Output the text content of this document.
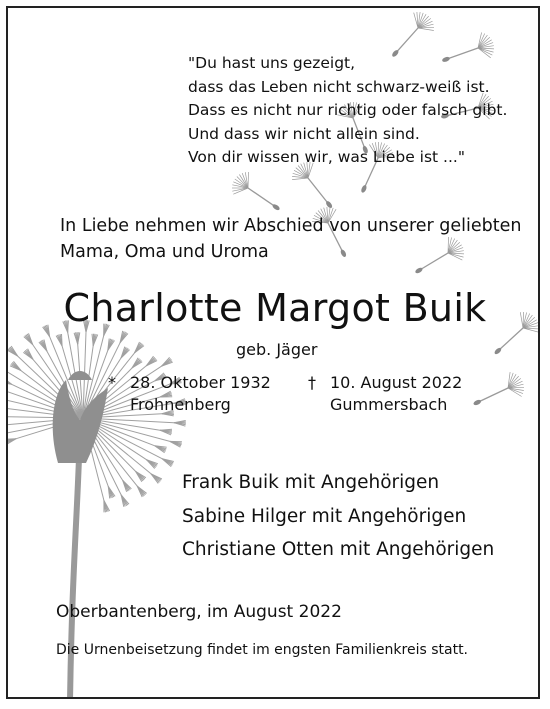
"Du hast uns gezeigt,
dass das Leben nicht schwarz-weiß ist.
Dass es nicht nur richtig oder falsch gibt.
Und dass wir nicht allein sind.
Von dir wissen wir, was Liebe ist ..."
In Liebe nehmen wir Abschied von unserer geliebten
Mama, Oma und Uroma
Charlotte Margot Buik
geb. Jäger
* 28. Oktober 1932
Frohnenberg
† 10. August 2022
Gummersbach
Frank Buik mit Angehörigen
Sabine Hilger mit Angehörigen
Christiane Otten mit Angehörigen
Oberbantenberg, im August 2022
Die Urnenbeisetzung findet im engsten Familienkreis statt.
